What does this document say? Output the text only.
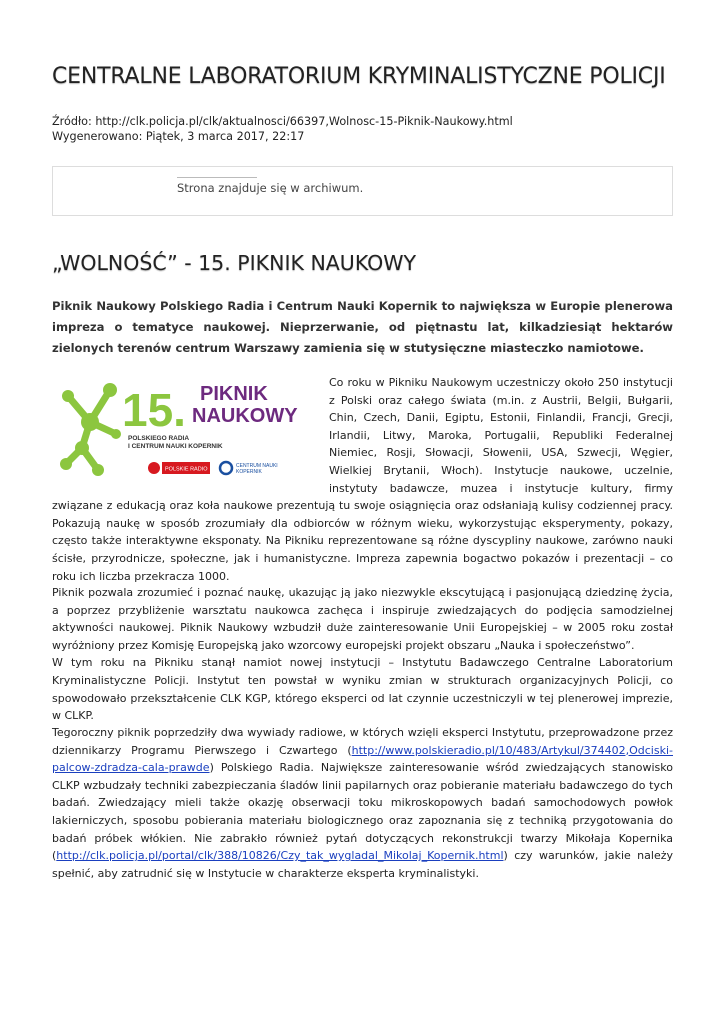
CENTRALNE LABORATORIUM KRYMINALISTYCZNE POLICJI
Źródło: http://clk.policja.pl/clk/aktualnosci/66397,Wolnosc-15-Piknik-Naukowy.html
Wygenerowano: Piątek, 3 marca 2017, 22:17
Strona znajduje się w archiwum.
„WOLNOŚĆ” - 15. PIKNIK NAUKOWY
Piknik Naukowy Polskiego Radia i Centrum Nauki Kopernik to największa w Europie plenerowa impreza o tematyce naukowej. Nieprzerwanie, od piętnastu lat, kilkadziesiąt hektarów zielonych terenów centrum Warszawy zamienia się w stutysięczne miasteczko namiotowe.
15. PIKNIK
NAUKOWY
POLSKIEGO RADIA
I CENTRUM NAUKI KOPERNIK
POLSKIE RADIO
CENTRUM NAUKI
KOPERNIK
Co roku w Pikniku Naukowym uczestniczy około 250 instytucji z Polski oraz całego świata (m.in. z Austrii, Belgii, Bułgarii, Chin, Czech, Danii, Egiptu, Estonii, Finlandii, Francji, Grecji, Irlandii, Litwy, Maroka, Portugalii, Republiki Federalnej Niemiec, Rosji, Słowacji, Słowenii, USA, Szwecji, Węgier, Wielkiej Brytanii, Włoch). Instytucje naukowe, uczelnie, instytuty badawcze, muzea i instytucje kultury, firmy związane z edukacją oraz koła naukowe prezentują tu swoje osiągnięcia oraz odsłaniają kulisy codziennej pracy. Pokazują naukę w sposób zrozumiały dla odbiorców w różnym wieku, wykorzystując eksperymenty, pokazy, często także interaktywne eksponaty. Na Pikniku reprezentowane są różne dyscypliny naukowe, zarówno nauki ścisłe, przyrodnicze, społeczne, jak i humanistyczne. Impreza zapewnia bogactwo pokazów i prezentacji – co roku ich liczba przekracza 1000.

Piknik pozwala zrozumieć i poznać naukę, ukazując ją jako niezwykle ekscytującą i pasjonującą dziedzinę życia, a poprzez przybliżenie warsztatu naukowca zachęca i inspiruje zwiedzających do podjęcia samodzielnej aktywności naukowej. Piknik Naukowy wzbudził duże zainteresowanie Unii Europejskiej – w 2005 roku został wyróżniony przez Komisję Europejską jako wzorcowy europejski projekt obszaru „Nauka i społeczeństwo”.
W tym roku na Pikniku stanął namiot nowej instytucji – Instytutu Badawczego Centralne Laboratorium Kryminalistyczne Policji. Instytut ten powstał w wyniku zmian w strukturach organizacyjnych Policji, co spowodowało przekształcenie CLK KGP, którego eksperci od lat czynnie uczestniczyli w tej plenerowej imprezie, w CLKP.

Tegoroczny piknik poprzedziły dwa wywiady radiowe, w których wzięli eksperci Instytutu, przeprowadzone przez dziennikarzy Programu Pierwszego i Czwartego (http://www.polskieradio.pl/10/483/Artykul/374402,Odciski-palcow-zdradza-cala-prawde) Polskiego Radia. Największe zainteresowanie wśród zwiedzających stanowisko CLKP wzbudzały techniki zabezpieczania śladów linii papilarnych oraz pobieranie materiału badawczego do tych badań. Zwiedzający mieli także okazję obserwacji toku mikroskopowych badań samochodowych powłok lakierniczych, sposobu pobierania materiału biologicznego oraz zapoznania się z techniką przygotowania do badań próbek włókien. Nie zabrakło również pytań dotyczących rekonstrukcji twarzy Mikołaja Kopernika (http://clk.policja.pl/portal/clk/388/10826/Czy_tak_wygladal_Mikolaj_Kopernik.html) czy warunków, jakie należy spełnić, aby zatrudnić się w Instytucie w charakterze eksperta kryminalistyki.
